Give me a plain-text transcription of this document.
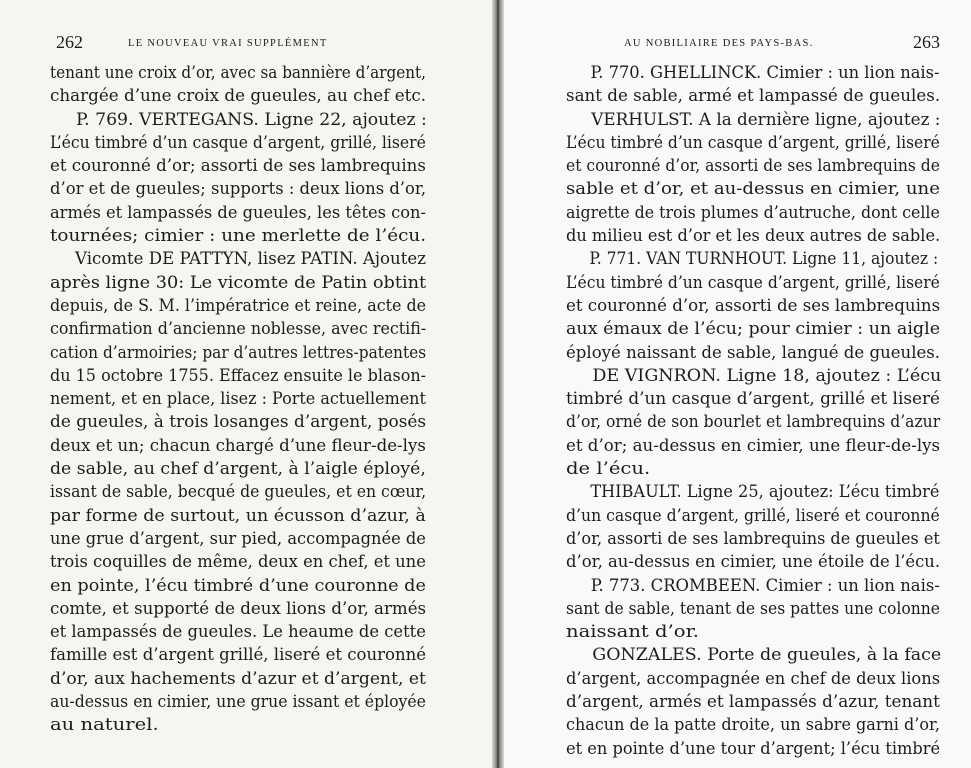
262	LE NOUVEAU VRAI SUPPLÉMENT
tenant une croix d’or, avec sa bannière d’argent,
chargée d’une croix de gueules, au chef etc.
P. 769. VERTEGANS. Ligne 22, ajoutez :
L’écu timbré d’un casque d’argent, grillé, liseré
et couronné d’or; assorti de ses lambrequins
d’or et de gueules; supports : deux lions d’or,
armés et lampassés de gueules, les têtes con-
tournées; cimier : une merlette de l’écu.
Vicomte DE PATTYN, lisez PATIN. Ajoutez
après ligne 30: Le vicomte de Patin obtint
depuis, de S. M. l’impératrice et reine, acte de
confirmation d’ancienne noblesse, avec rectifi-
cation d’armoiries; par d’autres lettres-patentes
du 15 octobre 1755. Effacez ensuite le blason-
nement, et en place, lisez : Porte actuellement
de gueules, à trois losanges d’argent, posés
deux et un; chacun chargé d’une fleur-de-lys
de sable, au chef d’argent, à l’aigle éployé,
issant de sable, becqué de gueules, et en cœur,
par forme de surtout, un écusson d’azur, à
une grue d’argent, sur pied, accompagnée de
trois coquilles de même, deux en chef, et une
en pointe, l’écu timbré d’une couronne de
comte, et supporté de deux lions d’or, armés
et lampassés de gueules. Le heaume de cette
famille est d’argent grillé, liseré et couronné
d’or, aux hachements d’azur et d’argent, et
au-dessus en cimier, une grue issant et éployée
au naturel.
AU NOBILIAIRE DES PAYS-BAS.	263
P. 770. GHELLINCK. Cimier : un lion nais-
sant de sable, armé et lampassé de gueules.
VERHULST. A la dernière ligne, ajoutez :
L’écu timbré d’un casque d’argent, grillé, liseré
et couronné d’or, assorti de ses lambrequins de
sable et d’or, et au-dessus en cimier, une
aigrette de trois plumes d’autruche, dont celle
du milieu est d’or et les deux autres de sable.
P. 771. VAN TURNHOUT. Ligne 11, ajoutez :
L’écu timbré d’un casque d’argent, grillé, liseré
et couronné d’or, assorti de ses lambrequins
aux émaux de l’écu; pour cimier : un aigle
éployé naissant de sable, langué de gueules.
DE VIGNRON. Ligne 18, ajoutez : L’écu
timbré d’un casque d’argent, grillé et liseré
d’or, orné de son bourlet et lambrequins d’azur
et d’or; au-dessus en cimier, une fleur-de-lys
de l’écu.
THIBAULT. Ligne 25, ajoutez: L’écu timbré
d’un casque d’argent, grillé, liseré et couronné
d’or, assorti de ses lambrequins de gueules et
d’or, au-dessus en cimier, une étoile de l’écu.
P. 773. CROMBEEN. Cimier : un lion nais-
sant de sable, tenant de ses pattes une colonne
naissant d’or.
GONZALES. Porte de gueules, à la face
d’argent, accompagnée en chef de deux lions
d’argent, armés et lampassés d’azur, tenant
chacun de la patte droite, un sabre garni d’or,
et en pointe d’une tour d’argent; l’écu timbré
